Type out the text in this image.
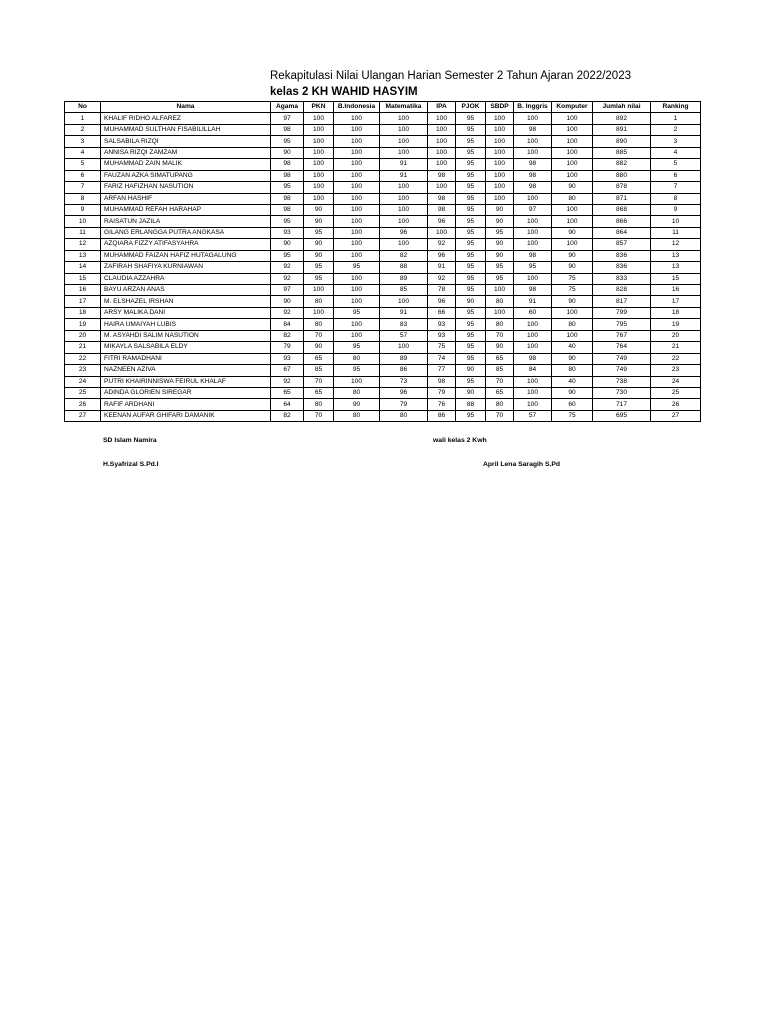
Rekapitulasi Nilai Ulangan Harian Semester 2 Tahun Ajaran 2022/2023
kelas 2 KH WAHID HASYIM
No	Nama	Agama	PKN	B.Indonesia	Matematika	IPA	PJOK	SBDP	B. Inggris	Komputer	Jumlah nilai	Ranking
1	KHALIF RIDHO ALFAREZ	97	100	100	100	100	95	100	100	100	892	1
2	MUHAMMAD SULTHAN FISABILILLAH	98	100	100	100	100	95	100	98	100	891	2
3	SALSABILA RIZQI	95	100	100	100	100	95	100	100	100	890	3
4	ANNISA RIZQI ZAMZAM	90	100	100	100	100	95	100	100	100	885	4
5	MUHAMMAD ZAIN MALIK	98	100	100	91	100	95	100	98	100	882	5
6	FAUZAN AZKA SIMATUPANG	98	100	100	91	98	95	100	98	100	880	6
7	FARIZ HAFIZHAN NASUTION	95	100	100	100	100	95	100	98	90	878	7
8	ARFAN HASHIF	98	100	100	100	98	95	100	100	80	871	8
9	MUHAMMAD REFAH HARAHAP	98	90	100	100	98	95	90	97	100	868	9
10	RAISATUN JAZILA	95	90	100	100	96	95	90	100	100	866	10
11	GILANG ERLANGGA PUTRA ANGKASA	93	95	100	96	100	95	95	100	90	864	11
12	AZQIARA FIZZY ATIFASYAHRA	90	90	100	100	92	95	90	100	100	857	12
13	MUHAMMAD FAIZAN HAFIZ HUTAGALUNG	95	90	100	82	96	95	90	98	90	836	13
14	ZAFIRAH SHAFIYA KURNIAWAN	92	95	95	88	91	95	95	95	90	836	13
15	CLAUDIA AZZAHRA	92	95	100	89	92	95	95	100	75	833	15
16	BAYU ARZAN ANAS	97	100	100	85	78	95	100	98	75	828	16
17	M. ELSHAZEL IRSHAN	90	80	100	100	96	90	80	91	90	817	17
18	ARSY MALIKA DANI	92	100	95	91	66	95	100	60	100	799	18
19	HAIRA UMAIYAH LUBIS	84	80	100	83	93	95	80	100	80	795	19
20	M. ASYAHDI SALIM NASUTION	82	70	100	57	93	95	70	100	100	767	20
21	MIKAYLA SALSABILA ELDY	79	90	95	100	75	95	90	100	40	764	21
22	FITRI RAMADHANI	93	65	80	89	74	95	65	98	90	749	22
23	NAZNEEN AZIVA	67	85	95	86	77	90	85	84	80	749	23
24	PUTRI KHAIRINNISWA FEIRUL KHALAF	92	70	100	73	98	95	70	100	40	738	24
25	ADINDA GLORIEN SIREGAR	65	65	80	96	79	90	65	100	90	730	25
26	RAFIF ARDHANI	64	80	90	79	76	88	80	100	60	717	26
27	KEENAN AUFAR GHIFARI DAMANIK	82	70	80	80	86	95	70	57	75	695	27
SD Islam Namira
H.Syafrizal S.Pd.I
wali kelas 2 Kwh
April Lena Saragih S.Pd
